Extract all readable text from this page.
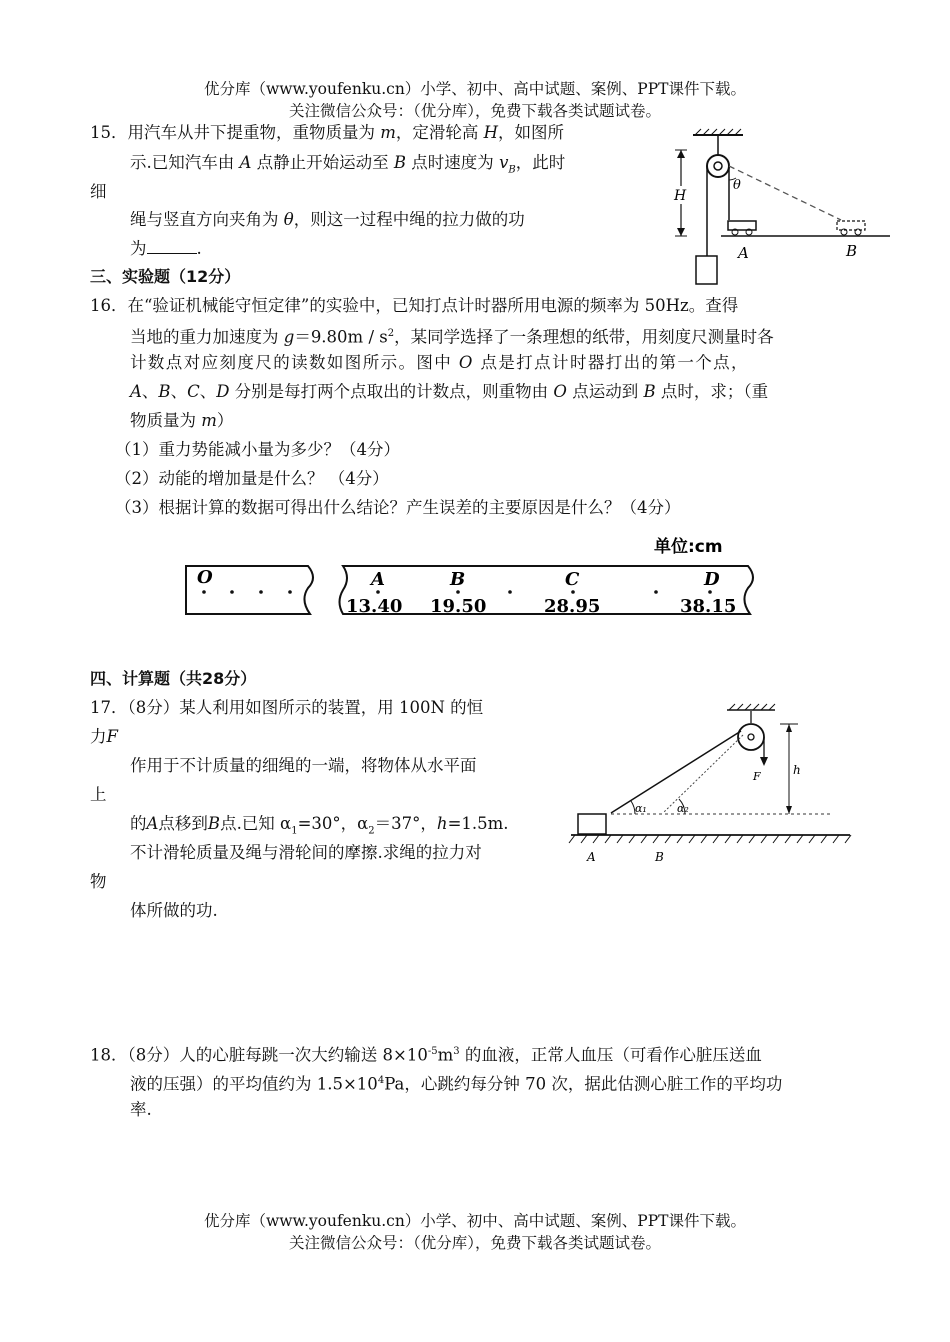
优分库（www.youfenku.cn）小学、初中、高中试题、案例、PPT课件下载。
关注微信公众号：（优分库），免费下载各类试题试卷。
15．用汽车从井下提重物，重物质量为 m，定滑轮高 H，如图所
示.已知汽车由 A 点静止开始运动至 B 点时速度为 $v_B$，此时
细
绳与竖直方向夹角为 θ，则这一过程中绳的拉力做的功
为	.
θ
H
A	B
三、实验题（12分）
16．在“验证机械能守恒定律”的实验中，已知打点计时器所用电源的频率为 50Hz。查得
当地的重力加速度为 $g=9.80m / s^2$，某同学选择了一条理想的纸带，用刻度尺测量时各
计数点对应刻度尺的读数如图所示。图中 O 点是打点计时器打出的第一个点，
A、B、C、D 分别是每打两个点取出的计数点，则重物由 O 点运动到 B 点时，求；（重
物质量为 m）
（1）重力势能减小量为多少？（4分）
（2）动能的增加量是什么？ （4分）
（3）根据计算的数据可得出什么结论？产生误差的主要原因是什么？（4分）
单位:cm
O	A	B	C	D
13.40 19.50	28.95	38.15
四、计算题（共28分）
17．（8分）某人利用如图所示的装置，用 100N 的恒
力F
作用于不计质量的细绳的一端，将物体从水平面
上
的A点移到B点.已知 $\alpha_1=30^\circ$，$\alpha_2=37^\circ$，h=1.5m.
不计滑轮质量及绳与滑轮间的摩擦.求绳的拉力对
物
体所做的功.
F	h
α₁	α₂
A	B
18．（8分）人的心脏每跳一次大约输送 $8\times 10^{-5}m^3$ 的血液，正常人血压（可看作心脏压送血
液的压强）的平均值约为 $1.5\times 10^4Pa$，心跳约每分钟 70 次，据此估测心脏工作的平均功
率.
优分库（www.youfenku.cn）小学、初中、高中试题、案例、PPT课件下载。
关注微信公众号：（优分库），免费下载各类试题试卷。
